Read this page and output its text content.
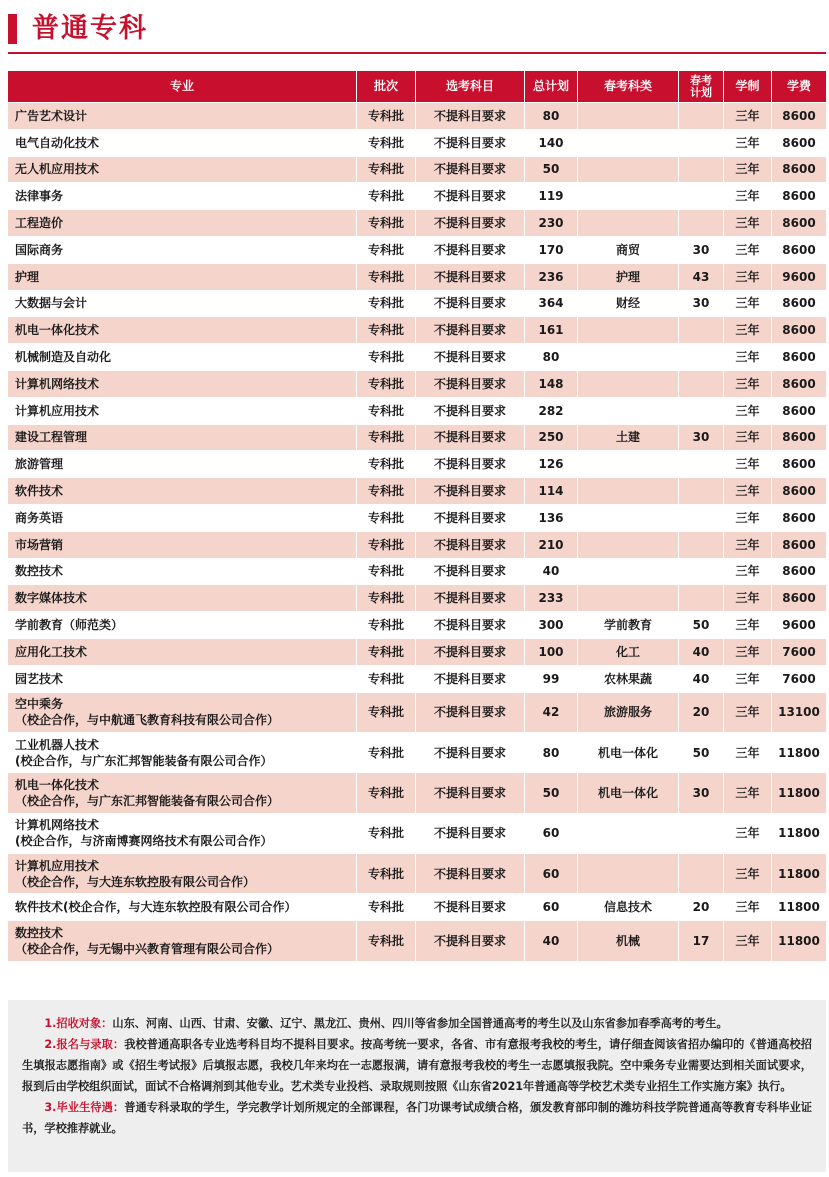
普通专科
专业	批次	选考科目	总计划	春考科类	春考计划	学制	学费

广告艺术设计	专科批	不提科目要求	80			三年	8600

电气自动化技术	专科批	不提科目要求	140			三年	8600

无人机应用技术	专科批	不提科目要求	50			三年	8600

法律事务	专科批	不提科目要求	119			三年	8600

工程造价	专科批	不提科目要求	230			三年	8600

国际商务	专科批	不提科目要求	170	商贸	30	三年	8600

护理	专科批	不提科目要求	236	护理	43	三年	9600

大数据与会计	专科批	不提科目要求	364	财经	30	三年	8600

机电一体化技术	专科批	不提科目要求	161			三年	8600

机械制造及自动化	专科批	不提科目要求	80			三年	8600

计算机网络技术	专科批	不提科目要求	148			三年	8600

计算机应用技术	专科批	不提科目要求	282			三年	8600

建设工程管理	专科批	不提科目要求	250	土建	30	三年	8600

旅游管理	专科批	不提科目要求	126			三年	8600

软件技术	专科批	不提科目要求	114			三年	8600

商务英语	专科批	不提科目要求	136			三年	8600

市场营销	专科批	不提科目要求	210			三年	8600

数控技术	专科批	不提科目要求	40			三年	8600

数字媒体技术	专科批	不提科目要求	233			三年	8600

学前教育（师范类）	专科批	不提科目要求	300	学前教育	50	三年	9600

应用化工技术	专科批	不提科目要求	100	化工	40	三年	7600

园艺技术	专科批	不提科目要求	99	农林果蔬	40	三年	7600

空中乘务
（校企合作，与中航通飞教育科技有限公司合作）	专科批	不提科目要求	42	旅游服务	20	三年	13100

工业机器人技术
(校企合作，与广东汇邦智能装备有限公司合作）	专科批	不提科目要求	80	机电一体化	50	三年	11800

机电一体化技术
（校企合作，与广东汇邦智能装备有限公司合作）	专科批	不提科目要求	50	机电一体化	30	三年	11800

计算机网络技术
(校企合作，与济南博赛网络技术有限公司合作）	专科批	不提科目要求	60			三年	11800

计算机应用技术
（校企合作，与大连东软控股有限公司合作）	专科批	不提科目要求	60			三年	11800

软件技术(校企合作，与大连东软控股有限公司合作）	专科批	不提科目要求	60	信息技术	20	三年	11800

数控技术
（校企合作，与无锡中兴教育管理有限公司合作）	专科批	不提科目要求	40	机械	17	三年	11800

1.招收对象：山东、河南、山西、甘肃、安徽、辽宁、黑龙江、贵州、四川等省参加全国普通高考的考生以及山东省参加春季高考的考生。

2.报名与录取：我校普通高职各专业选考科目均不提科目要求。按高考统一要求，各省、市有意报考我校的考生，请仔细查阅该省招办编印的《普通高校招生填报志愿指南》或《招生考试报》后填报志愿，我校几年来均在一志愿报满，请有意报考我校的考生一志愿填报我院。空中乘务专业需要达到相关面试要求，报到后由学校组织面试，面试不合格调剂到其他专业。艺术类专业投档、录取规则按照《山东省2021年普通高等学校艺术类专业招生工作实施方案》执行。

3.毕业生待遇：普通专科录取的学生，学完教学计划所规定的全部课程，各门功课考试成绩合格，颁发教育部印制的潍坊科技学院普通高等教育专科毕业证书，学校推荐就业。
